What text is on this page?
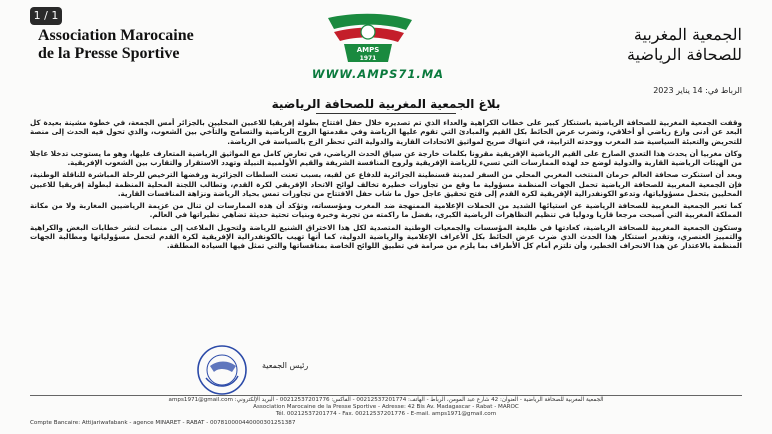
1 / 1
Association Marocaine
de la Presse Sportive
الجمعية المغربية
للصحافة الرياضية
AMPS
1971
WWW.AMPS71.MA
الرباط في: 14 يناير 2023
بلاغ الجمعية المغربية للصحافة الرياضية

وقفت الجمعية المغربية للصحافة الرياضية باستنكار كبير على خطاب الكراهية والعداء الذي تم تصديره خلال حفل افتتاح بطولة إفريقيا للاعبين المحليين بالجزائر أمس الجمعة، في خطوة مشينة بعيدة كل البعد عن أدنى وازع رياضي أو أخلاقي، وتضرب عرض الحائط بكل القيم والمبادئ التي تقوم عليها الرياضة وفي مقدمتها الروح الرياضية والتسامح والتآخي بين الشعوب، والذي تحول فيه الحدث إلى منصة للتحريض والتعبئة السياسية ضد المغرب ووحدته الترابية، في انتهاك صريح لمواثيق الاتحادات القارية والدولية التي تحظر الزج بالسياسة في الرياضة.

وكان مغربيا أن يحدث هذا التعدي الصارخ على القيم الرياضية الإفريقية مقرونا بكلمات خارجة عن سياق الحدث الرياضي، في تعارض كامل مع المواثيق الرياضية المتعارف عليها، وهو ما يستوجب تدخلا عاجلا من الهيئات الرياضية القارية والدولية لوضع حد لهذه الممارسات التي تسيء للرياضة الإفريقية ولروح المنافسة الشريفة والقيم الأولمبية النبيلة وتهدد الاستقرار والتقارب بين الشعوب الإفريقية.

وبعد أن استنكرت صحافة العالم حرمان المنتخب المغربي المحلي من السفر لمدينة قسنطينة الجزائرية للدفاع عن لقبه، بسبب تعنت السلطات الجزائرية ورفضها الترخيص للرحلة المباشرة للناقلة الوطنية، فإن الجمعية المغربية للصحافة الرياضية تحمل الجهات المنظمة مسؤولية ما وقع من تجاوزات خطيرة تخالف لوائح الاتحاد الإفريقي لكرة القدم، وتطالب اللجنة المحلية المنظمة لبطولة إفريقيا للاعبين المحليين بتحمل مسؤولياتها، وتدعو الكونفدرالية الإفريقية لكرة القدم إلى فتح تحقيق عاجل حول ما شاب حفل الافتتاح من تجاوزات تمس بحياد الرياضة ونزاهة المنافسات القارية.

كما تعبر الجمعية المغربية للصحافة الرياضية عن استيائها الشديد من الحملات الإعلامية الممنهجة ضد المغرب ومؤسساته، وتؤكد أن هذه الممارسات لن تنال من عزيمة الرياضيين المغاربة ولا من مكانة المملكة المغربية التي أصبحت مرجعا قاريا ودوليا في تنظيم التظاهرات الرياضية الكبرى، بفضل ما راكمته من تجربة وخبرة وبنيات تحتية حديثة تضاهي نظيراتها في العالم.

وستكون الجمعية المغربية للصحافة الرياضية، كعادتها في طليعة المؤسسات والجمعيات الوطنية المتصدية لكل هذا الاختراق الشنيع للرياضة ولتحويل الملاعب إلى منصات لنشر خطابات البغض والكراهية والتمييز العنصري، وتقدير استنكار هذا الحدث الذي ضرب عرض الحائط بكل الأعراف الإعلامية والرياضية الدولية، كما أنها تهيب بالكونفدرالية الإفريقية لكرة القدم لتحمل مسؤولياتها ومطالبة الجهات المنظمة بالاعتذار عن هذا الانحراف الخطير، وأن تلتزم أمام كل الأطراف بما يلزم من صرامة في تطبيق اللوائح الخاصة بمنافساتها والتي تمثل فيها السيادة المطلقة.

رئيس الجمعية
الجمعية المغربية للصحافة الرياضية - العنوان: 42 شارع عبد المومن، الرباط - الهاتف: 00212537201774 - الفاكس: 00212537201776 - البريد الإلكتروني: amps1971@gmail.com
Association Marocaine de la Presse Sportive - Adresse: 42 Bis Av. Madagascar - Rabat - MAROC
Tél. 00212537201774 - Fax. 00212537201776 - E-mail. amps1971@gmail.com
Compte Bancaire: Attijariwafabank - agence MINARET - RABAT - 007810000440000301251387
